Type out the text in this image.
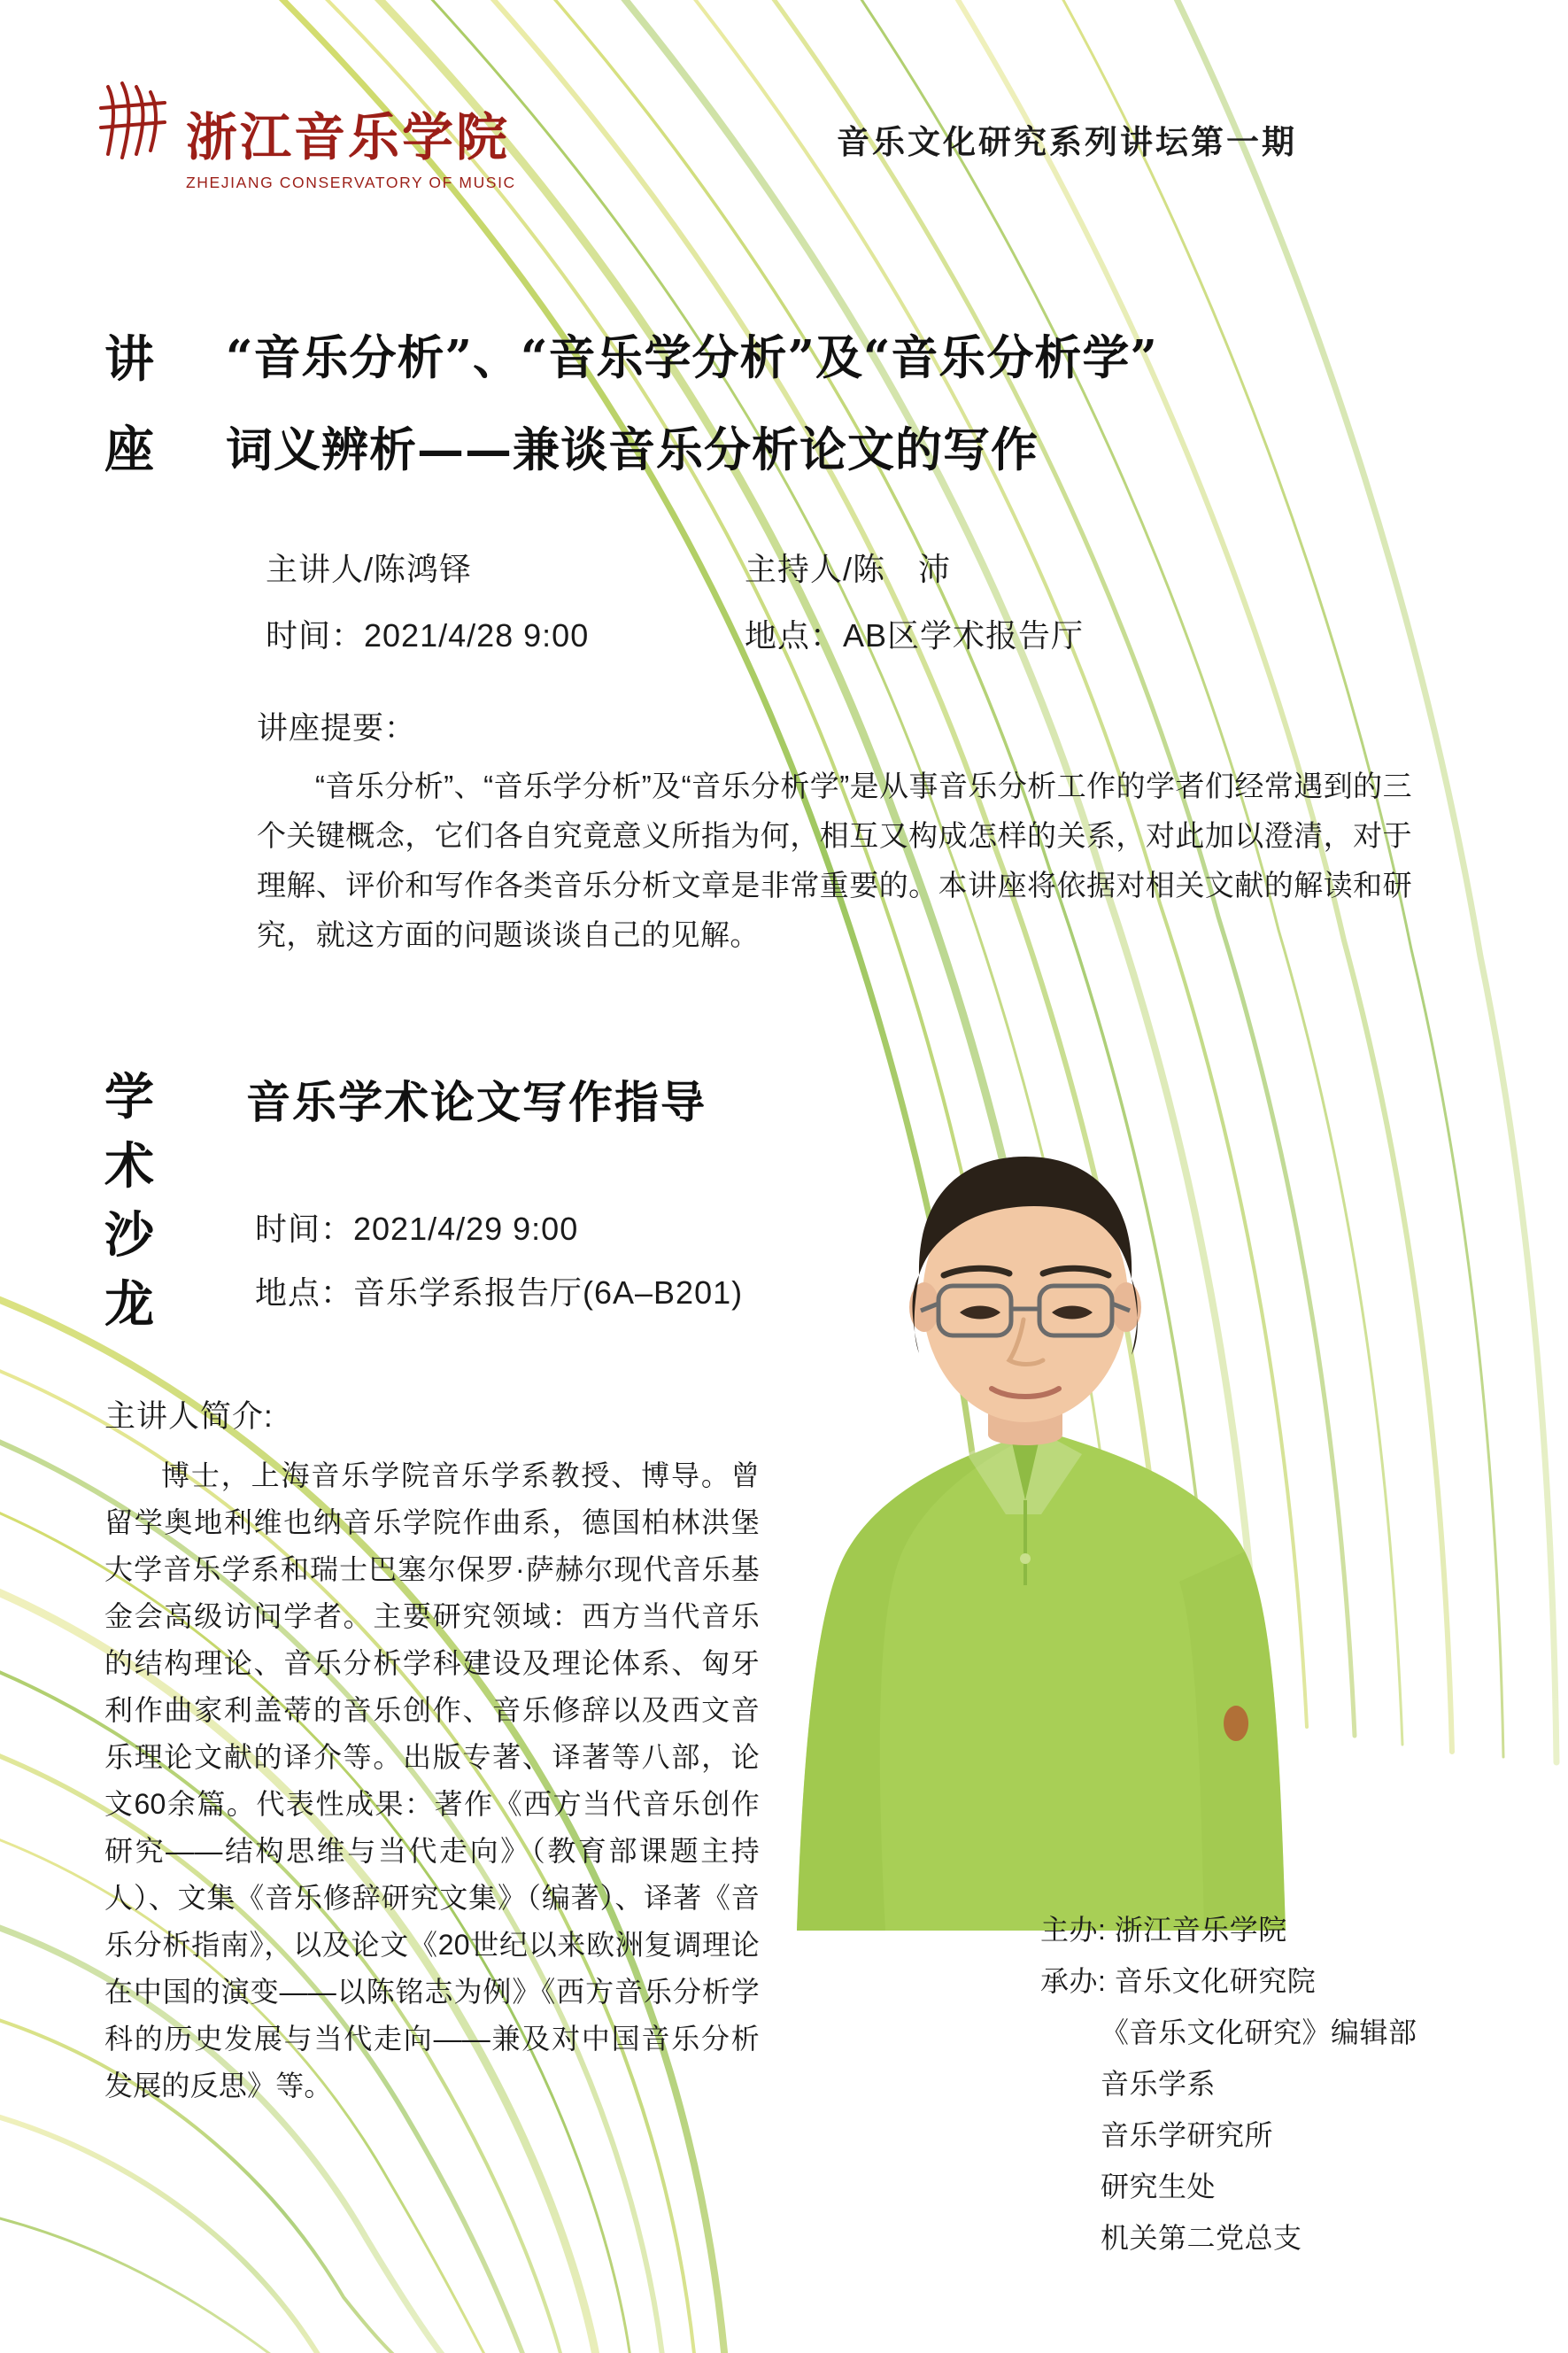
浙江音乐学院
ZHEJIANG CONSERVATORY OF MUSIC
音乐文化研究系列讲坛第一期
讲
座
“音乐分析”、“音乐学分析”及“音乐分析学”
词义辨析——兼谈音乐分析论文的写作
主讲人/陈鸿铎	主持人/陈　沛
时间：2021/4/28 9:00	地点：AB区学术报告厅
讲座提要：
“音乐分析”、“音乐学分析”及“音乐分析学”是从事音乐分析工作的学者们经常遇到的三个关键概念，它们各自究竟意义所指为何，相互又构成怎样的关系，对此加以澄清，对于理解、评价和写作各类音乐分析文章是非常重要的。本讲座将依据对相关文献的解读和研究，就这方面的问题谈谈自己的见解。
学术沙龙
音乐学术论文写作指导
时间：2021/4/29 9:00
地点：音乐学系报告厅(6A–B201)
主讲人简介:
博士，上海音乐学院音乐学系教授、博导。曾留学奥地利维也纳音乐学院作曲系，德国柏林洪堡大学音乐学系和瑞士巴塞尔保罗·萨赫尔现代音乐基金会高级访问学者。主要研究领域：西方当代音乐的结构理论、音乐分析学科建设及理论体系、匈牙利作曲家利盖蒂的音乐创作、音乐修辞以及西文音乐理论文献的译介等。出版专著、译著等八部，论文60余篇。代表性成果：著作《西方当代音乐创作研究——结构思维与当代走向》（教育部课题主持人）、文集《音乐修辞研究文集》（编著）、译著《音乐分析指南》，以及论文《20世纪以来欧洲复调理论在中国的演变——以陈铭志为例》《西方音乐分析学科的历史发展与当代走向——兼及对中国音乐分析发展的反思》等。
主办: 浙江音乐学院
承办: 音乐文化研究院
《音乐文化研究》编辑部
音乐学系
音乐学研究所
研究生处
机关第二党总支
